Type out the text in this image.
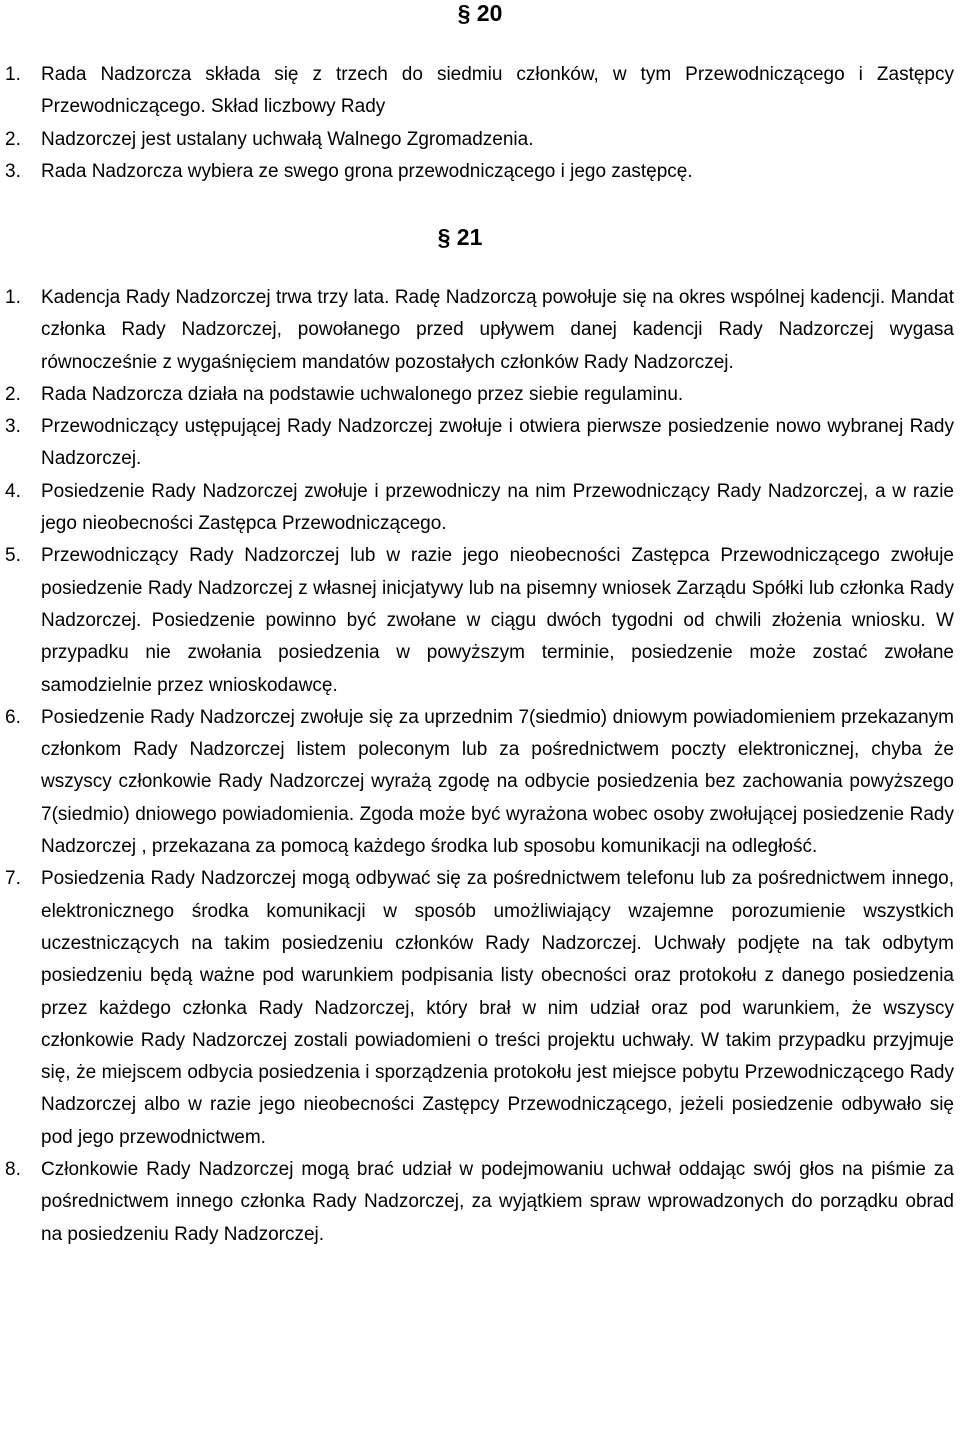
§ 20
1. Rada Nadzorcza składa się z trzech do siedmiu członków, w tym Przewodniczącego i Zastępcy Przewodniczącego. Skład liczbowy Rady
2. Nadzorczej jest ustalany uchwałą Walnego Zgromadzenia.
3. Rada Nadzorcza wybiera ze swego grona przewodniczącego i jego zastępcę.
§ 21
1. Kadencja Rady Nadzorczej trwa trzy lata. Radę Nadzorczą powołuje się na okres wspólnej kadencji. Mandat członka Rady Nadzorczej, powołanego przed upływem danej kadencji Rady Nadzorczej wygasa równocześnie z wygaśnięciem mandatów pozostałych członków Rady Nadzorczej.
2. Rada Nadzorcza działa na podstawie uchwalonego przez siebie regulaminu.
3. Przewodniczący ustępującej Rady Nadzorczej zwołuje i otwiera pierwsze posiedzenie nowo wybranej Rady Nadzorczej.
4. Posiedzenie Rady Nadzorczej zwołuje i przewodniczy na nim Przewodniczący Rady Nadzorczej, a w razie jego nieobecności Zastępca Przewodniczącego.
5. Przewodniczący Rady Nadzorczej lub w razie jego nieobecności Zastępca Przewodniczącego zwołuje posiedzenie Rady Nadzorczej z własnej inicjatywy lub na pisemny wniosek Zarządu Spółki lub członka Rady Nadzorczej. Posiedzenie powinno być zwołane w ciągu dwóch tygodni od chwili złożenia wniosku. W przypadku nie zwołania posiedzenia w powyższym terminie, posiedzenie może zostać zwołane samodzielnie przez wnioskodawcę.
6. Posiedzenie Rady Nadzorczej zwołuje się za uprzednim 7(siedmio) dniowym powiadomieniem przekazanym członkom Rady Nadzorczej listem poleconym lub za pośrednictwem poczty elektronicznej, chyba że wszyscy członkowie Rady Nadzorczej wyrażą zgodę na odbycie posiedzenia bez zachowania powyższego 7(siedmio) dniowego powiadomienia. Zgoda może być wyrażona wobec osoby zwołującej posiedzenie Rady Nadzorczej , przekazana za pomocą każdego środka lub sposobu komunikacji na odległość.
7. Posiedzenia Rady Nadzorczej mogą odbywać się za pośrednictwem telefonu lub za pośrednictwem innego, elektronicznego środka komunikacji w sposób umożliwiający wzajemne porozumienie wszystkich uczestniczących na takim posiedzeniu członków Rady Nadzorczej. Uchwały podjęte na tak odbytym posiedzeniu będą ważne pod warunkiem podpisania listy obecności oraz protokołu z danego posiedzenia przez każdego członka Rady Nadzorczej, który brał w nim udział oraz pod warunkiem, że wszyscy członkowie Rady Nadzorczej zostali powiadomieni o treści projektu uchwały. W takim przypadku przyjmuje się, że miejscem odbycia posiedzenia i sporządzenia protokołu jest miejsce pobytu Przewodniczącego Rady Nadzorczej albo w razie jego nieobecności Zastępcy Przewodniczącego, jeżeli posiedzenie odbywało się pod jego przewodnictwem.
8. Członkowie Rady Nadzorczej mogą brać udział w podejmowaniu uchwał oddając swój głos na piśmie za pośrednictwem innego członka Rady Nadzorczej, za wyjątkiem spraw wprowadzonych do porządku obrad na posiedzeniu Rady Nadzorczej.
